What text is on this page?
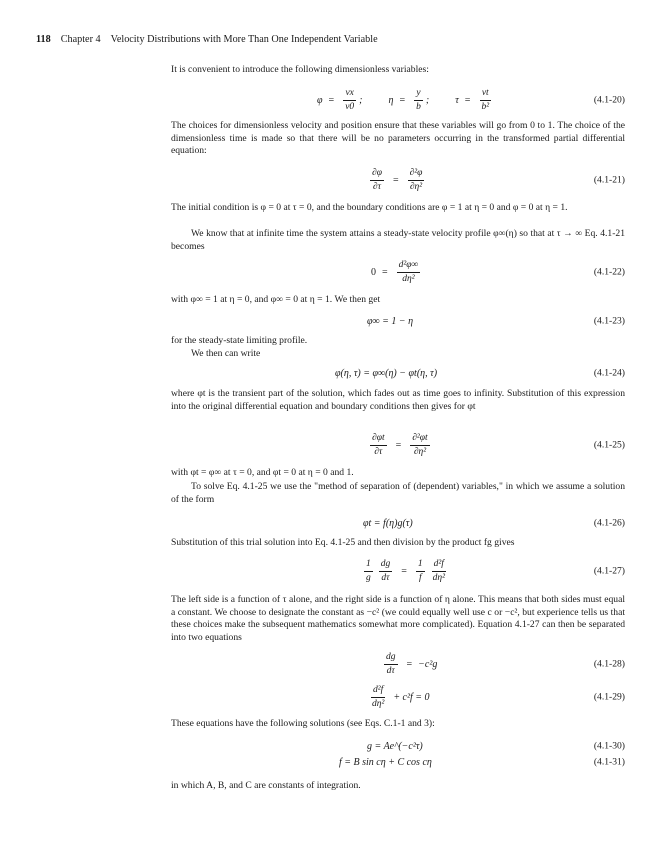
118 Chapter 4    Velocity Distributions with More Than One Independent Variable
It is convenient to introduce the following dimensionless variables:
$\varphi = \frac{vx}{v0}$ ;	$\eta = \frac{y}{b}$ ;	$\tau = \frac{\nu t}{\text{b²}}$	(4.1-20)
The choices for dimensionless velocity and position ensure that these variables will go from 0 to 1. The choice of the dimensionless time is made so that there will be no parameters occurring in the transformed partial differential equation:
$\frac{\partial\varphi}{\partial\tau} = \frac{\text{∂²φ}}{\text{∂η²}}$	(4.1-21)
The initial condition is φ = 0 at τ = 0, and the boundary conditions are φ = 1 at η = 0 and φ = 0 at η = 1.
We know that at infinite time the system attains a steady-state velocity profile φ∞(η) so that at τ → ∞ Eq. 4.1-21 becomes
$0 = \frac{\text{d²φ∞}}{\text{dη²}}$	(4.1-22)
with φ∞ = 1 at η = 0, and φ∞ = 0 at η = 1. We then get
φ∞ = 1 − η	(4.1-23)
for the steady-state limiting profile.
We then can write
φ(η, τ) = φ∞(η) − φt(η, τ)	(4.1-24)
where φt is the transient part of the solution, which fades out as time goes to infinity. Substitution of this expression into the original differential equation and boundary conditions then gives for φt
$\frac{\partial\varphi t}{\partial\tau} = \frac{\text{∂²φt}}{\text{∂η²}}$	(4.1-25)
with φt = φ∞ at τ = 0, and φt = 0 at η = 0 and 1.
To solve Eq. 4.1-25 we use the "method of separation of (dependent) variables," in which we assume a solution of the form
φt = f(η)g(τ)	(4.1-26)
Substitution of this trial solution into Eq. 4.1-25 and then division by the product fg gives
$\frac{1}{g} \frac{dg}{d\tau} = \frac{1}{f} \frac{\text{d²f}}{\text{dη²}}$	(4.1-27)
The left side is a function of τ alone, and the right side is a function of η alone. This means that both sides must equal a constant. We choose to designate the constant as −c² (we could equally well use c or −c², but experience tells us that these choices make the subsequent mathematics somewhat more complicated). Equation 4.1-27 can then be separated into two equations
$\frac{dg}{d\tau} = -c^2g$	(4.1-28)
$\frac{\text{d²f}}{\text{dη²}} + c^2f = 0$	(4.1-29)
These equations have the following solutions (see Eqs. C.1-1 and 3):
g = Ae^(−c²τ)	(4.1-30)
f = B sin cη + C cos cη	(4.1-31)
in which A, B, and C are constants of integration.
